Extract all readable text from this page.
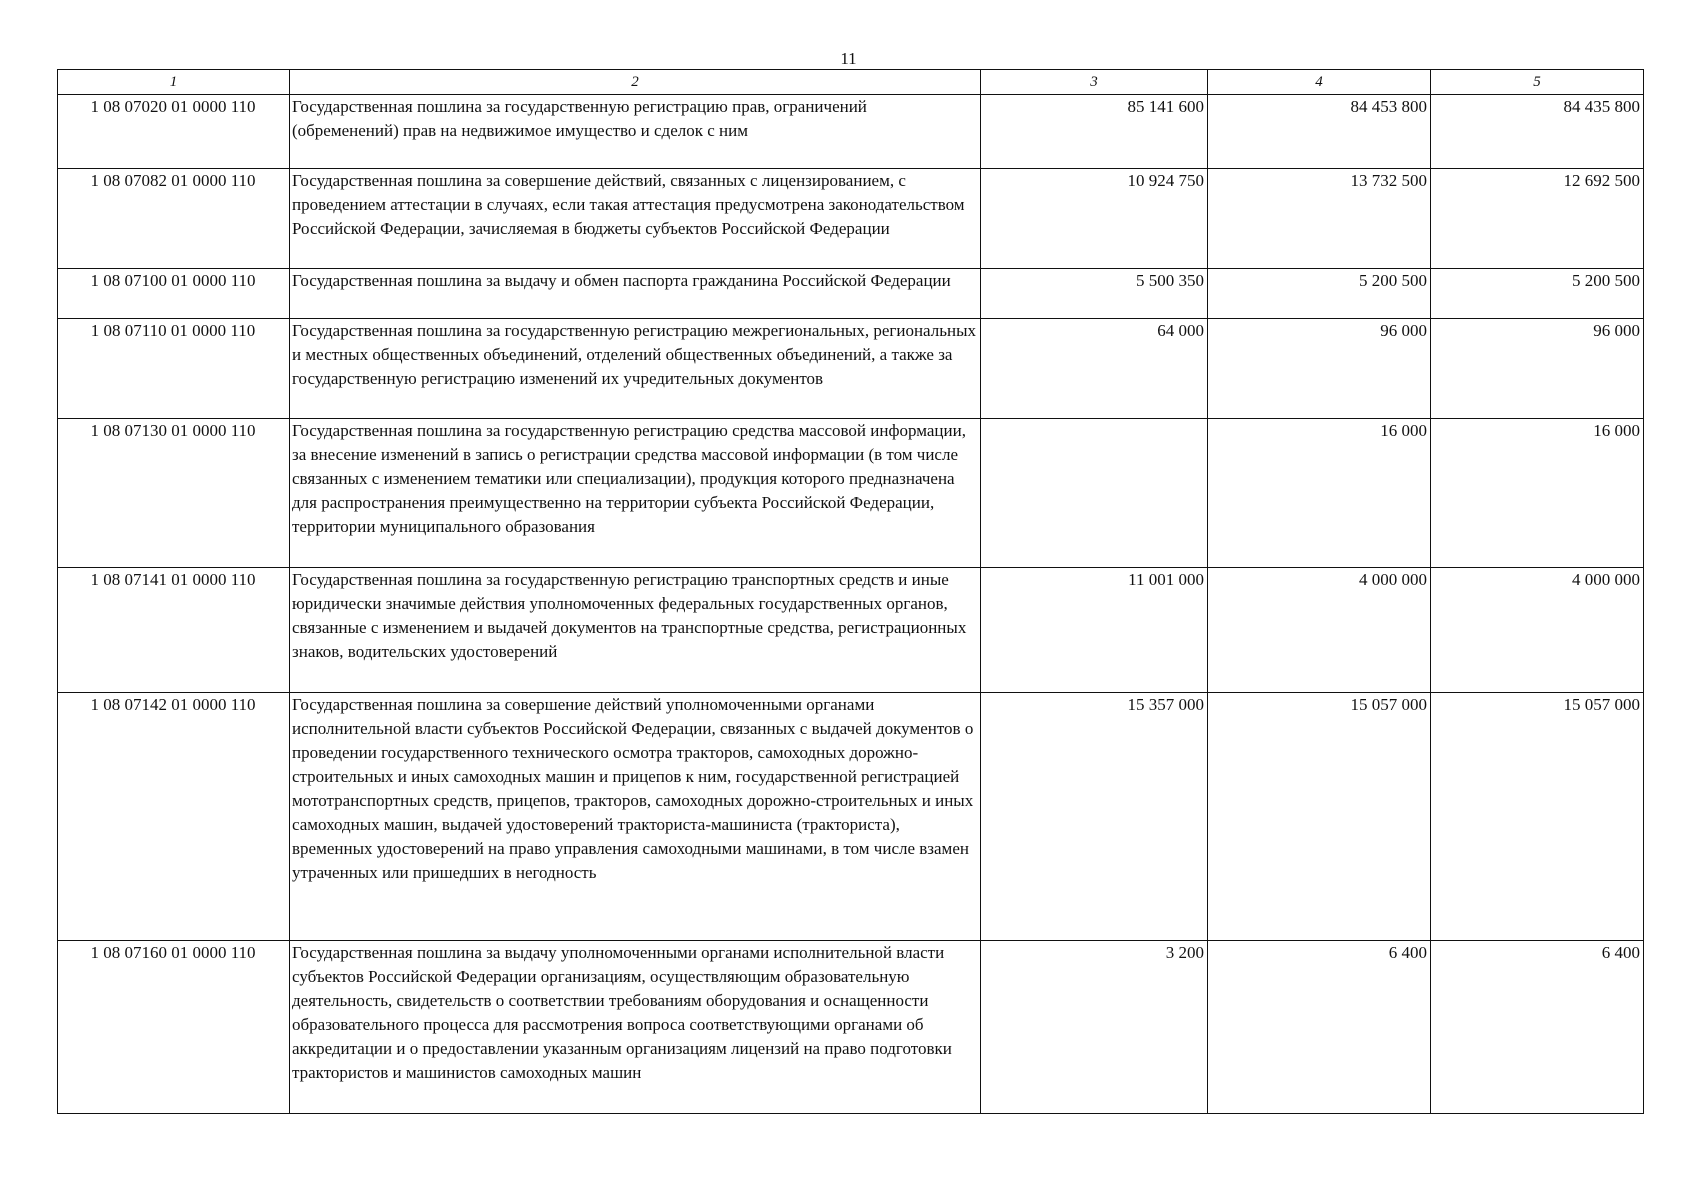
11
1	2	3	4	5
1 08 07020 01 0000 110	Государственная пошлина за государственную регистрацию прав, ограничений (обременений) прав на недвижимое имущество и сделок с ним	85 141 600	84 453 800	84 435 800
1 08 07082 01 0000 110	Государственная пошлина за совершение действий, связанных с лицензированием, с проведением аттестации в случаях, если такая аттестация предусмотрена законодательством Российской Федерации, зачисляемая в бюджеты субъектов Российской Федерации	10 924 750	13 732 500	12 692 500
1 08 07100 01 0000 110	Государственная пошлина за выдачу и обмен паспорта гражданина Российской Федерации	5 500 350	5 200 500	5 200 500
1 08 07110 01 0000 110	Государственная пошлина за государственную регистрацию межрегиональных, региональных и местных общественных объединений, отделений общественных объединений, а также за государственную регистрацию изменений их учредительных документов	64 000	96 000	96 000
1 08 07130 01 0000 110	Государственная пошлина за государственную регистрацию средства массовой информации, за внесение изменений в запись о регистрации средства массовой информации (в том числе связанных с изменением тематики или специализации), продукция которого предназначена для распространения преимущественно на территории субъекта Российской Федерации, территории муниципального образования		16 000	16 000
1 08 07141 01 0000 110	Государственная пошлина за государственную регистрацию транспортных средств и иные юридически значимые действия уполномоченных федеральных государственных органов, связанные с изменением и выдачей документов на транспортные средства, регистрационных знаков, водительских удостоверений	11 001 000	4 000 000	4 000 000
1 08 07142 01 0000 110	Государственная пошлина за совершение действий уполномоченными органами исполнительной власти субъектов Российской Федерации, связанных с выдачей документов о проведении государственного технического осмотра тракторов, самоходных дорожно-строительных и иных самоходных машин и прицепов к ним, государственной регистрацией мототранспортных средств, прицепов, тракторов, самоходных дорожно-строительных и иных самоходных машин, выдачей удостоверений тракториста-машиниста (тракториста), временных удостоверений на право управления самоходными машинами, в том числе взамен утраченных или пришедших в негодность	15 357 000	15 057 000	15 057 000
1 08 07160 01 0000 110	Государственная пошлина за выдачу уполномоченными органами исполнительной власти субъектов Российской Федерации организациям, осуществляющим образовательную деятельность, свидетельств о соответствии требованиям оборудования и оснащенности образовательного процесса для рассмотрения вопроса соответствующими органами об аккредитации и о предоставлении указанным организациям лицензий на право подготовки трактористов и машинистов самоходных машин	3 200	6 400	6 400
